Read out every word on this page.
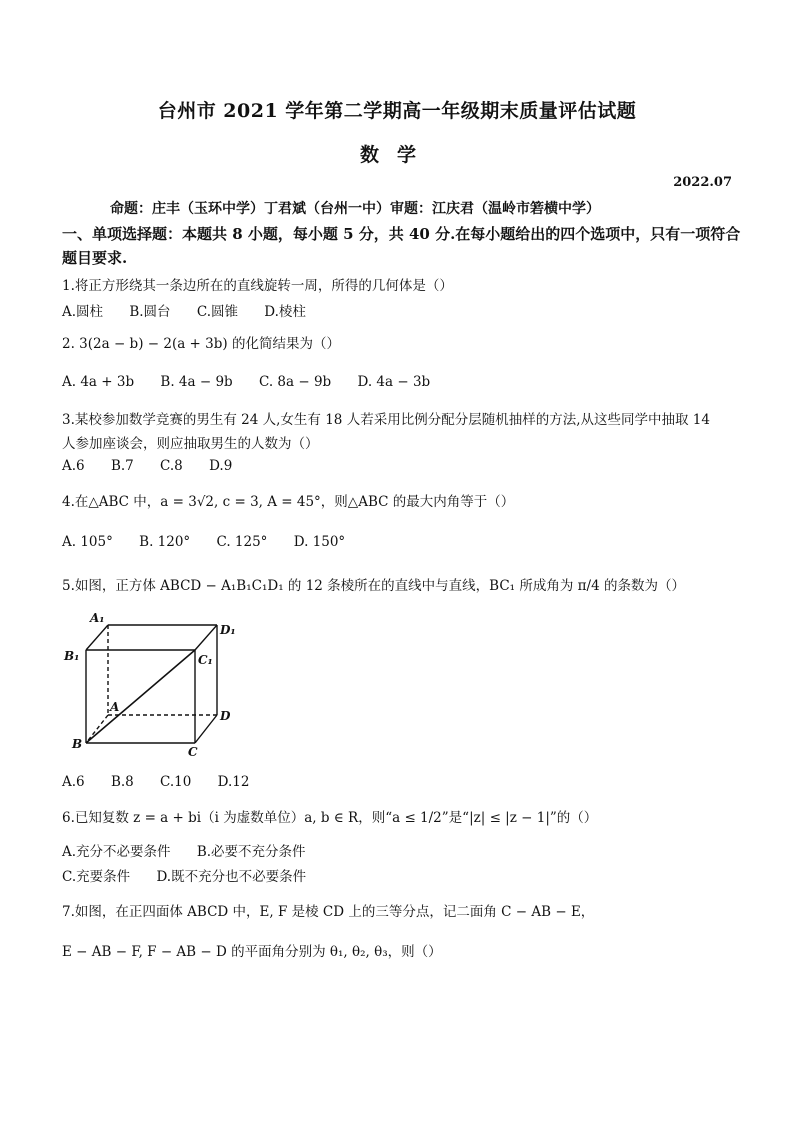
台州市 2021 学年第二学期高一年级期末质量评估试题
数学
2022.07
命题：庄丰（玉环中学）丁君斌（台州一中）审题：江庆君（温岭市箬横中学）
一、单项选择题：本题共 8 小题，每小题 5 分，共 40 分.在每小题给出的四个选项中，只有一项符合题目要求.
1.将正方形绕其一条边所在的直线旋转一周，所得的几何体是（）
A.圆柱 B.圆台 C.圆锥 D.棱柱
2. 3(2a − b) − 2(a + 3b) 的化简结果为（）
A. 4a + 3b B. 4a − 9b C. 8a − 9b D. 4a − 3b
3.某校参加数学竞赛的男生有 24 人,女生有 18 人若采用比例分配分层随机抽样的方法,从这些同学中抽取 14
人参加座谈会，则应抽取男生的人数为（）
A.6 B.7 C.8 D.9
4.在△ABC 中，a = 3√2, c = 3, A = 45°，则△ABC 的最大内角等于（）
A. 105° B. 120° C. 125° D. 150°
5.如图，正方体 ABCD − A₁B₁C₁D₁ 的 12 条棱所在的直线中与直线，BC₁ 所成角为 π/4 的条数为（）
A₁
D₁
B₁	C₁
A
D
B
C
A.6 B.8 C.10 D.12
6.已知复数 z = a + bi（i 为虚数单位）a, b ∈ R，则“a ≤ 1/2”是“|z| ≤ |z − 1|”的（）
A.充分不必要条件 B.必要不充分条件
C.充要条件 D.既不充分也不必要条件
7.如图，在正四面体 ABCD 中，E, F 是棱 CD 上的三等分点，记二面角 C − AB − E，
E − AB − F, F − AB − D 的平面角分别为 θ₁, θ₂, θ₃，则（）
